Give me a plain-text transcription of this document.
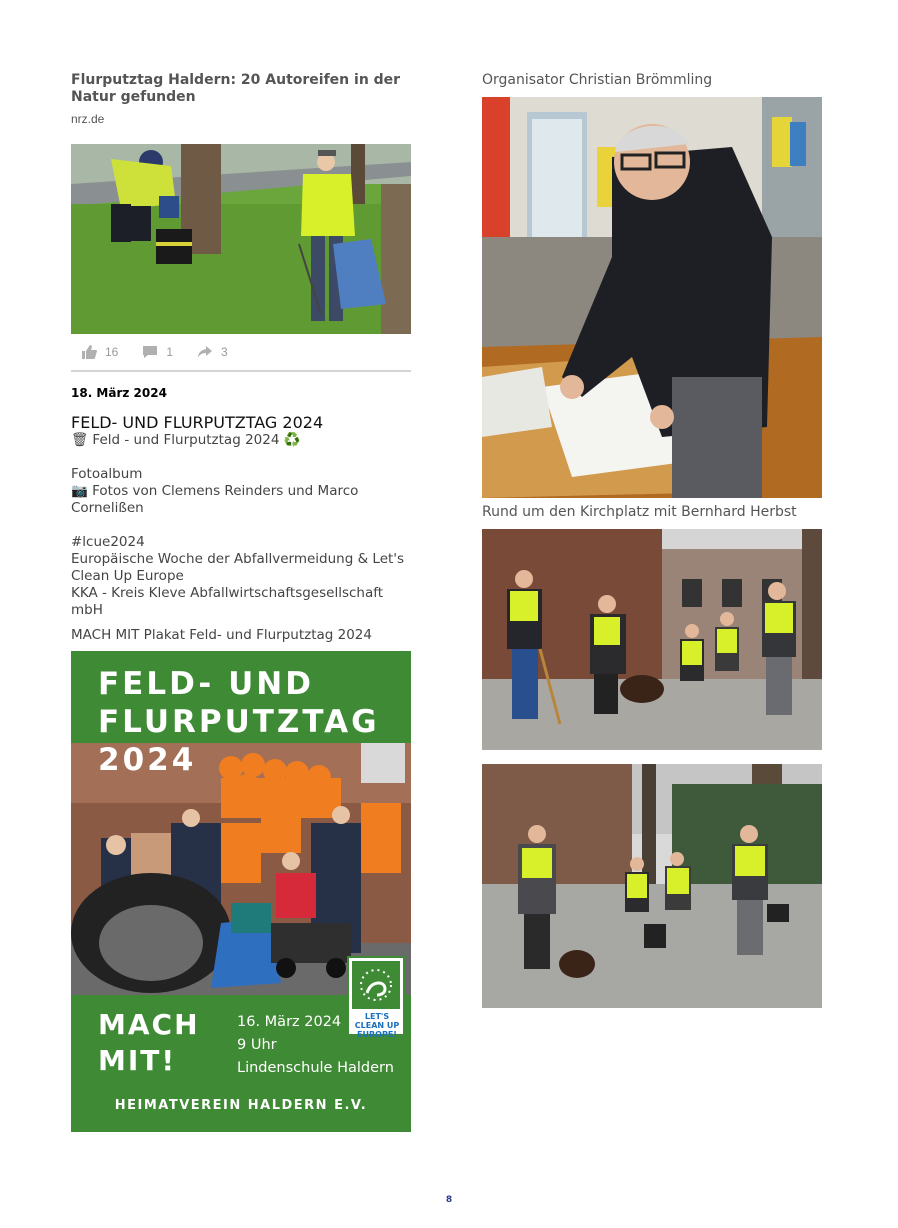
Flurputztag Haldern: 20 Autoreifen in der
Natur gefunden
nrz.de
16	1	3
18. März 2024
FELD- UND FLURPUTZTAG 2024
🗑 Feld - und Flurputztag 2024 ♻️
Fotoalbum
📷 Fotos von Clemens Reinders und Marco
Cornelißen
#lcue2024
Europäische Woche der Abfallvermeidung & Let's
Clean Up Europe
KKA - Kreis Kleve Abfallwirtschaftsgesellschaft mbH
MACH MIT Plakat Feld- und Flurputztag 2024
FELD- UND
FLURPUTZTAG
2024
LET'S CLEAN UP
EUROPE!
MACH
MIT!
16. März 2024
9 Uhr
Lindenschule Haldern
HEIMATVEREIN HALDERN E.V.
Organisator Christian Brömmling
Rund um den Kirchplatz mit Bernhard Herbst
8
